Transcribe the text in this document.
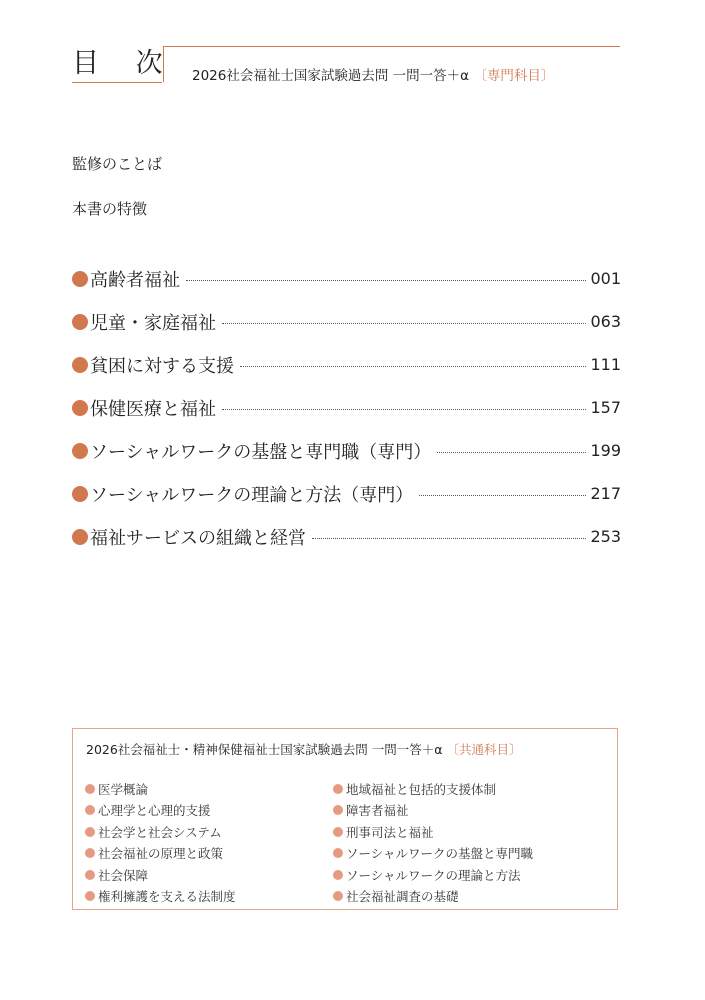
目 次 2026社会福祉士国家試験過去問 一問一答＋α 〔専門科目〕
監修のことば
本書の特徴
高齢者福祉	001
児童・家庭福祉	063
貧困に対する支援	111
保健医療と福祉	157
ソーシャルワークの基盤と専門職（専門）	199
ソーシャルワークの理論と方法（専門）	217
福祉サービスの組織と経営	253
2026社会福祉士・精神保健福祉士国家試験過去問 一問一答＋α 〔共通科目〕
医学概論
心理学と心理的支援
社会学と社会システム
社会福祉の原理と政策
社会保障
権利擁護を支える法制度
地域福祉と包括的支援体制
障害者福祉
刑事司法と福祉
ソーシャルワークの基盤と専門職
ソーシャルワークの理論と方法
社会福祉調査の基礎
